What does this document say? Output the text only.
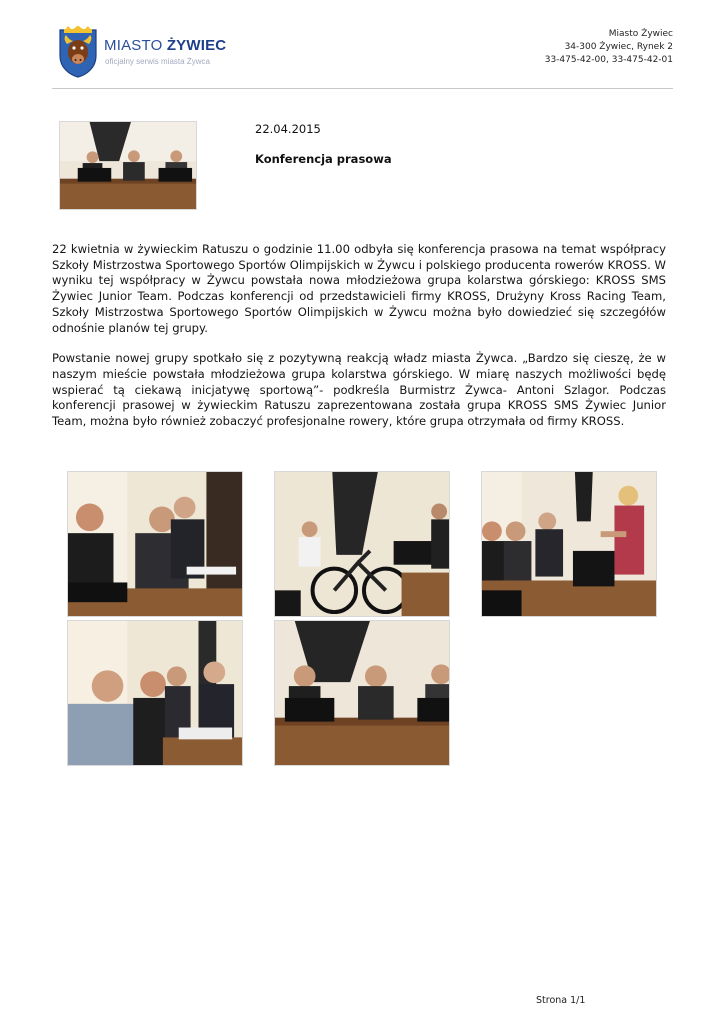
MIASTO ŻYWIEC
oficjalny serwis miasta Żywca
Miasto Żywiec
34-300 Żywiec, Rynek 2
33-475-42-00, 33-475-42-01
22.04.2015
Konferencja prasowa

22 kwietnia w żywieckim Ratuszu o godzinie 11.00 odbyła się konferencja prasowa na temat współpracy Szkoły Mistrzostwa Sportowego Sportów Olimpijskich w Żywcu i polskiego producenta rowerów KROSS. W wyniku tej współpracy w Żywcu powstała nowa młodzieżowa grupa kolarstwa górskiego: KROSS SMS Żywiec Junior Team. Podczas konferencji od przedstawicieli firmy KROSS, Drużyny Kross Racing Team, Szkoły Mistrzostwa Sportowego Sportów Olimpijskich w Żywcu można było dowiedzieć się szczegółów odnośnie planów tej grupy.

Powstanie nowej grupy spotkało się z pozytywną reakcją władz miasta Żywca. „Bardzo się cieszę, że w naszym mieście powstała młodzieżowa grupa kolarstwa górskiego. W miarę naszych możliwości będę wspierać tą ciekawą inicjatywę sportową”- podkreśla Burmistrz Żywca- Antoni Szlagor. Podczas konferencji prasowej w żywieckim Ratuszu zaprezentowana została grupa KROSS SMS Żywiec Junior Team, można było również zobaczyć profesjonalne rowery, które grupa otrzymała od firmy KROSS.

Strona 1/1
